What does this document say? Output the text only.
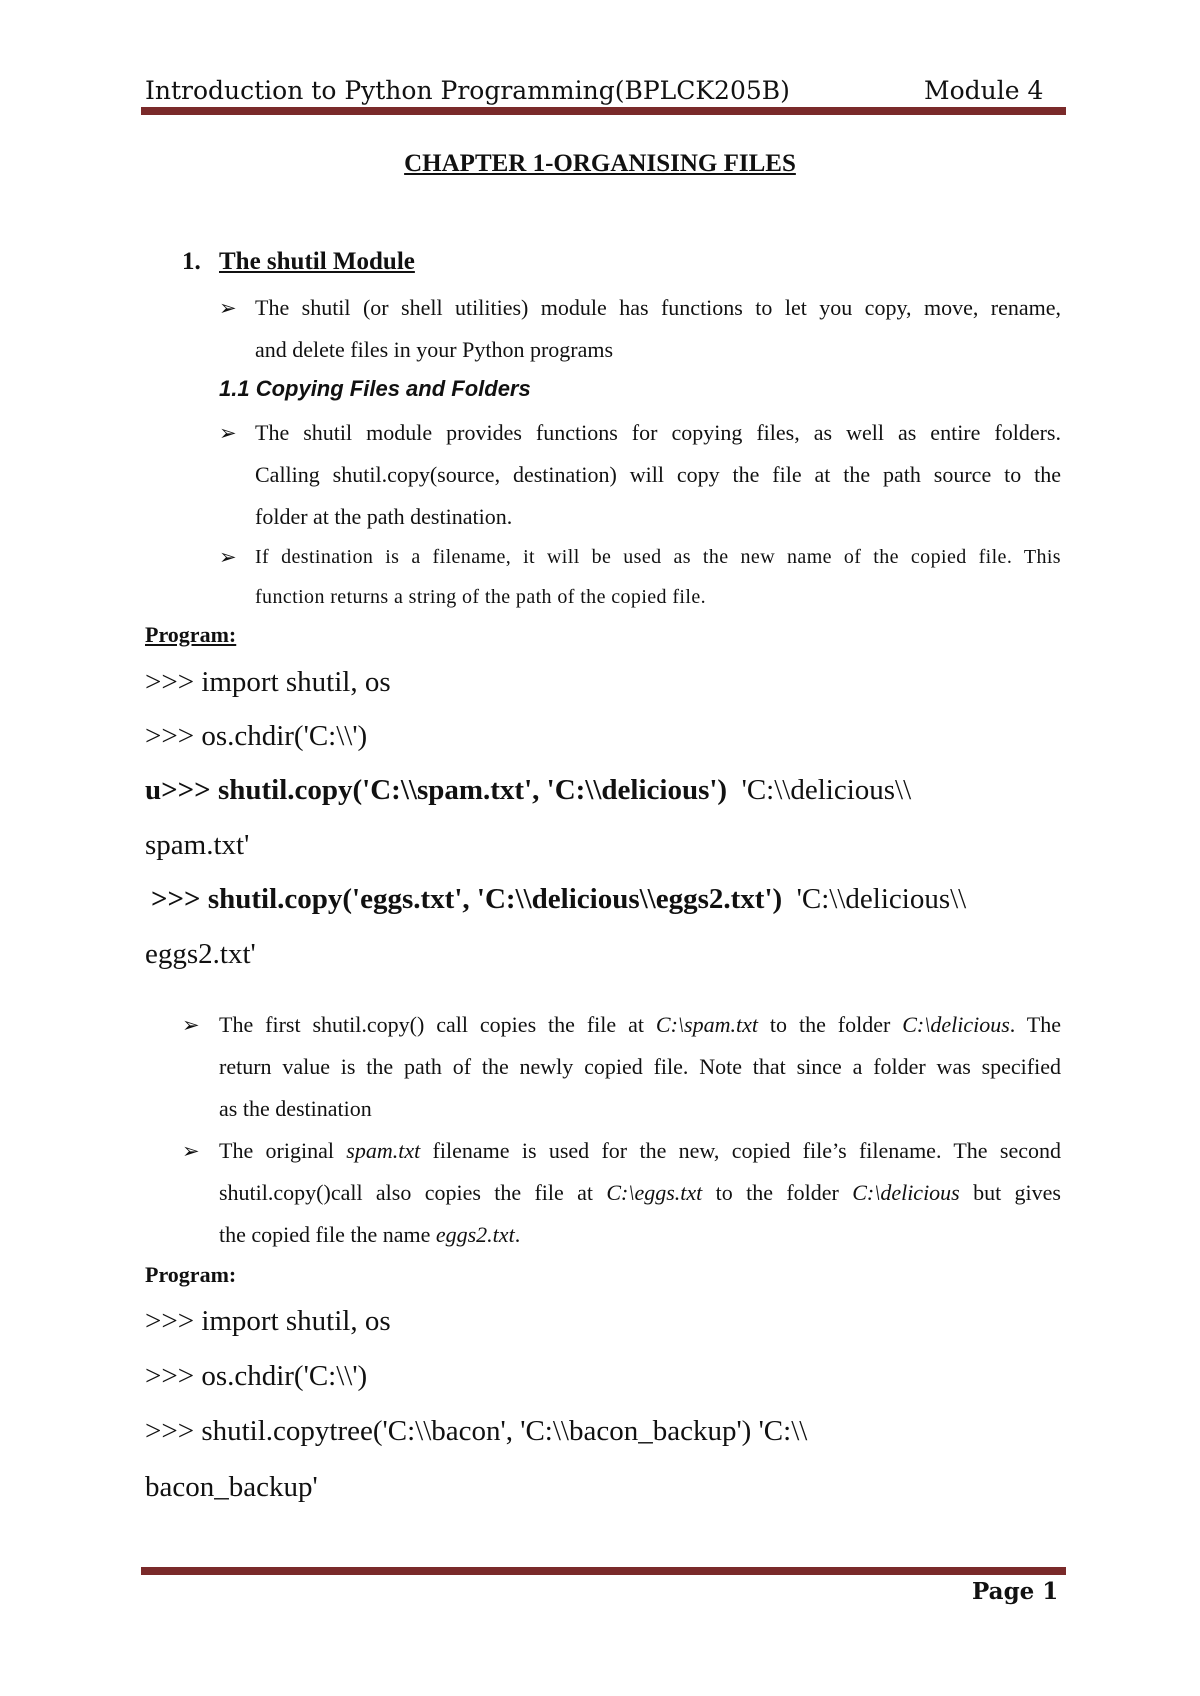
Introduction to Python Programming(BPLCK205B)	Module 4
CHAPTER 1-ORGANISING FILES
1. The shutil Module
➢ The shutil (or shell utilities) module has functions to let you copy, move, rename,
and delete files in your Python programs
1.1 Copying Files and Folders
➢ The shutil module provides functions for copying files, as well as entire folders.
Calling shutil.copy(source, destination) will copy the file at the path source to the
folder at the path destination.
➢ If destination is a filename, it will be used as the new name of the copied file. This
function returns a string of the path of the copied file.
Program:
>>> import shutil, os
>>> os.chdir('C:\\')
u>>> shutil.copy('C:\\spam.txt', 'C:\\delicious') 'C:\\delicious\\
spam.txt'
>>> shutil.copy('eggs.txt', 'C:\\delicious\\eggs2.txt') 'C:\\delicious\\
eggs2.txt'
➢ The first shutil.copy() call copies the file at C:\spam.txt to the folder C:\delicious. The
return value is the path of the newly copied file. Note that since a folder was specified
as the destination
➢ The original spam.txt filename is used for the new, copied file’s filename. The second
shutil.copy()call also copies the file at C:\eggs.txt to the folder C:\delicious but gives
the copied file the name eggs2.txt.
Program:
>>> import shutil, os
>>> os.chdir('C:\\')
>>> shutil.copytree('C:\\bacon', 'C:\\bacon_backup') 'C:\\
bacon_backup'
Page 1
